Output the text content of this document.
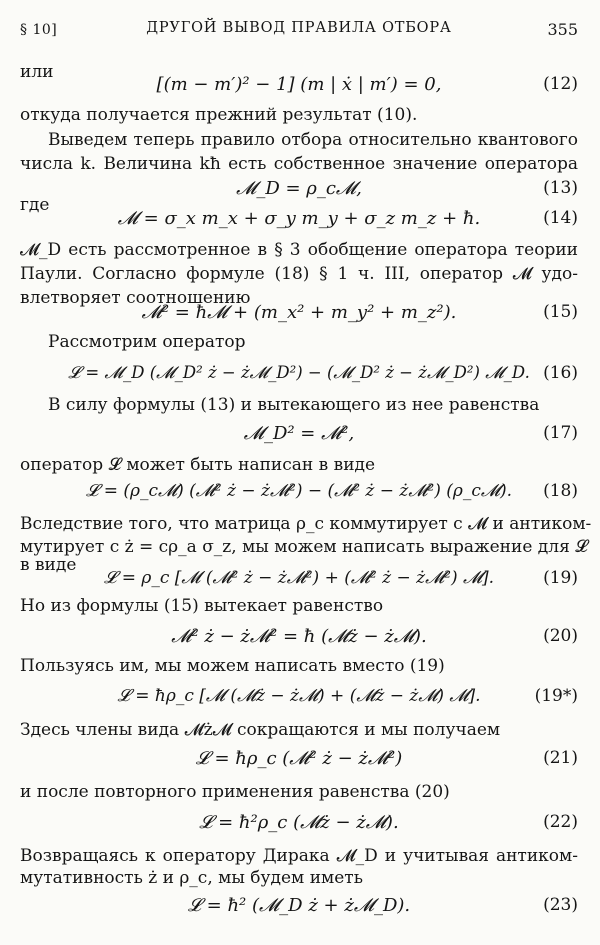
§ 10]	ДРУГОЙ ВЫВОД ПРАВИЛА ОТБОРА	355
или
[(m − m′)² − 1] (m | ẋ | m′) = 0,	(12)
откуда получается прежний результат (10).
Выведем теперь правило отбора относительно квантового
числа k. Величина kħ есть собственное значение оператора
𝓜_D = ρ_c𝓜,	(13)
где
𝓜 = σ_x m_x + σ_y m_y + σ_z m_z + ħ.	(14)
𝓜_D есть рассмотренное в § 3 обобщение оператора теории
Паули. Согласно формуле (18) § 1 ч. III, оператор 𝓜 удо-
влетворяет соотношению
𝓜² = ħ𝓜 + (m_x² + m_y² + m_z²).	(15)
Рассмотрим оператор
𝓛 = 𝓜_D (𝓜_D² ż − ż𝓜_D²) − (𝓜_D² ż − ż𝓜_D²) 𝓜_D. (16)
В силу формулы (13) и вытекающего из нее равенства
𝓜_D² = 𝓜²,	(17)
оператор 𝓛 может быть написан в виде
𝓛 = (ρ_c𝓜) (𝓜² ż − ż𝓜²) − (𝓜² ż − ż𝓜²) (ρ_c𝓜).	(18)
Вследствие того, что матрица ρ_c коммутирует с 𝓜 и антиком-
мутирует с ż = cρ_a σ_z, мы можем написать выражение для 𝓛
в виде
𝓛 = ρ_c [𝓜 (𝓜² ż − ż𝓜²) + (𝓜² ż − ż𝓜²) 𝓜].	(19)
Но из формулы (15) вытекает равенство
𝓜² ż − ż𝓜² = ħ (𝓜ż − ż𝓜).	(20)
Пользуясь им, мы можем написать вместо (19)
𝓛 = ħρ_c [𝓜 (𝓜ż − ż𝓜) + (𝓜ż − ż𝓜) 𝓜].	(19*)
Здесь члены вида 𝓜ż𝓜 сокращаются и мы получаем
𝓛 = ħρ_c (𝓜² ż − ż𝓜²)	(21)
и после повторного применения равенства (20)
𝓛 = ħ²ρ_c (𝓜ż − ż𝓜).	(22)
Возвращаясь к оператору Дирака 𝓜_D и учитывая антиком-
мутативность ż и ρ_c, мы будем иметь
𝓛 = ħ² (𝓜_D ż + ż𝓜_D).	(23)
